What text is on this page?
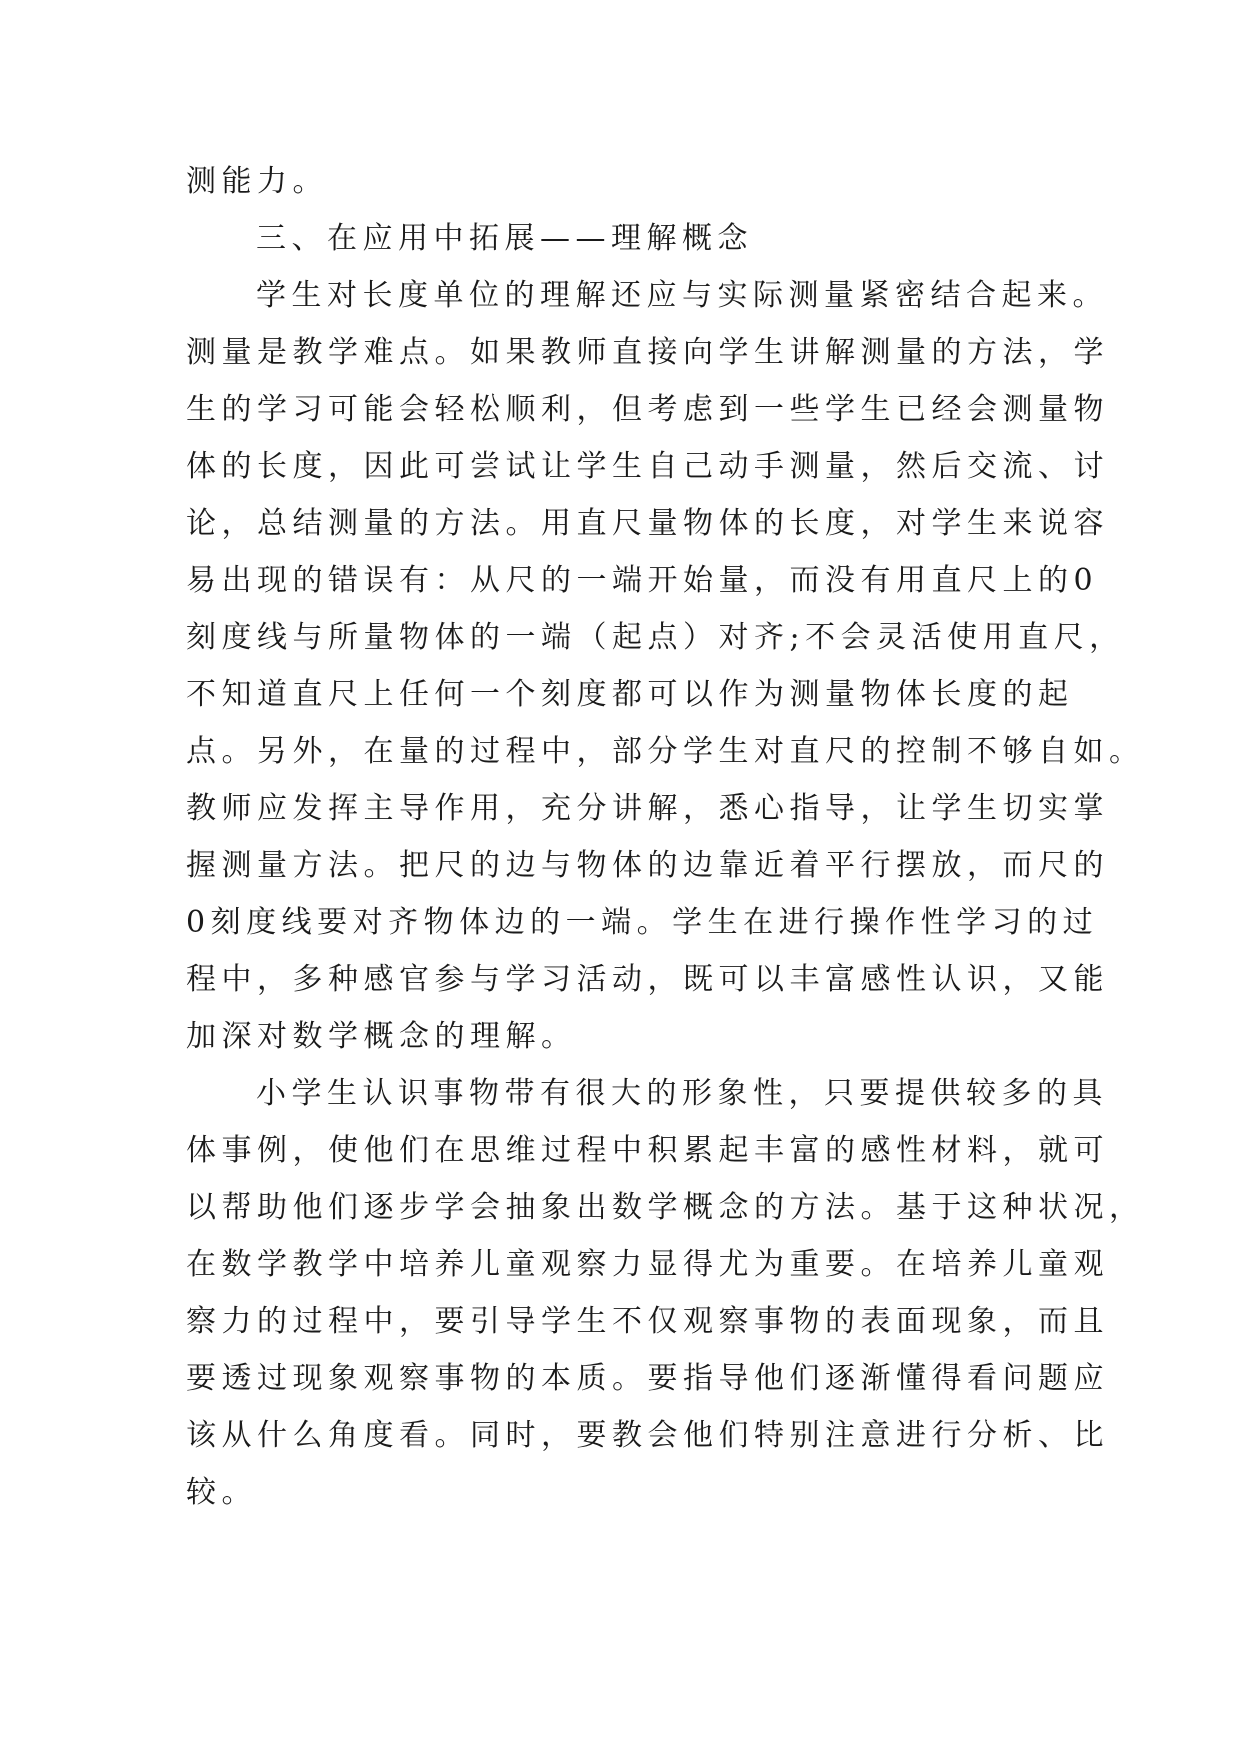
测能力。
三、在应用中拓展——理解概念
学生对长度单位的理解还应与实际测量紧密结合起来。
测量是教学难点。如果教师直接向学生讲解测量的方法，学
生的学习可能会轻松顺利，但考虑到一些学生已经会测量物
体的长度，因此可尝试让学生自己动手测量，然后交流、讨
论，总结测量的方法。用直尺量物体的长度，对学生来说容
易出现的错误有：从尺的一端开始量，而没有用直尺上的0
刻度线与所量物体的一端（起点）对齐;不会灵活使用直尺，
不知道直尺上任何一个刻度都可以作为测量物体长度的起
点。另外，在量的过程中，部分学生对直尺的控制不够自如。
教师应发挥主导作用，充分讲解，悉心指导，让学生切实掌
握测量方法。把尺的边与物体的边靠近着平行摆放，而尺的
0刻度线要对齐物体边的一端。学生在进行操作性学习的过
程中，多种感官参与学习活动，既可以丰富感性认识，又能
加深对数学概念的理解。
小学生认识事物带有很大的形象性，只要提供较多的具
体事例，使他们在思维过程中积累起丰富的感性材料，就可
以帮助他们逐步学会抽象出数学概念的方法。基于这种状况，
在数学教学中培养儿童观察力显得尤为重要。在培养儿童观
察力的过程中，要引导学生不仅观察事物的表面现象，而且
要透过现象观察事物的本质。要指导他们逐渐懂得看问题应
该从什么角度看。同时，要教会他们特别注意进行分析、比
较。
